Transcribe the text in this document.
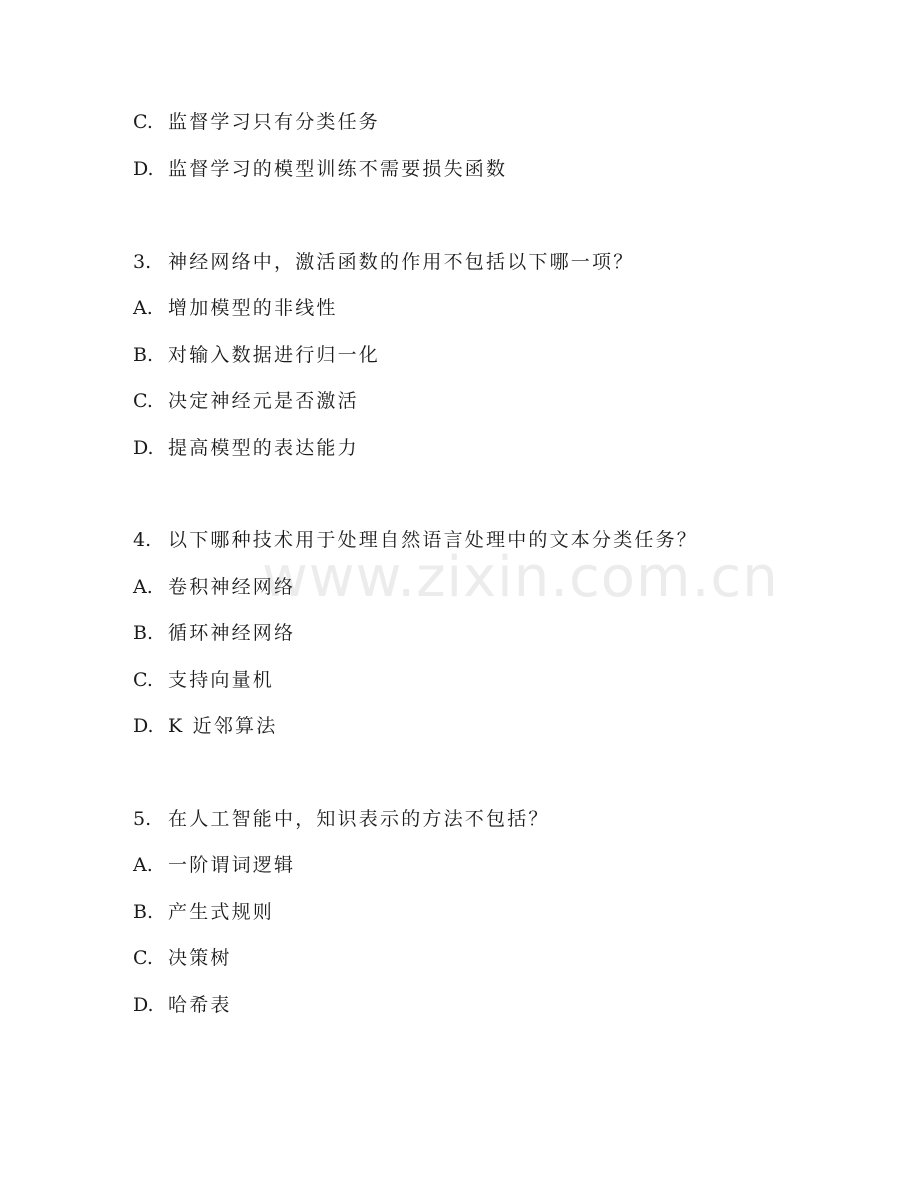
C. 监督学习只有分类任务
D. 监督学习的模型训练不需要损失函数
3. 神经网络中，激活函数的作用不包括以下哪一项？
A. 增加模型的非线性
B. 对输入数据进行归一化
C. 决定神经元是否激活
D. 提高模型的表达能力
4. 以下哪种技术用于处理自然语言处理中的文本分类任务？
A. 卷积神经网络
B. 循环神经网络
C. 支持向量机
D. K 近邻算法
5. 在人工智能中，知识表示的方法不包括？
A. 一阶谓词逻辑
B. 产生式规则
C. 决策树
D. 哈希表
www.zixin.com.cn
